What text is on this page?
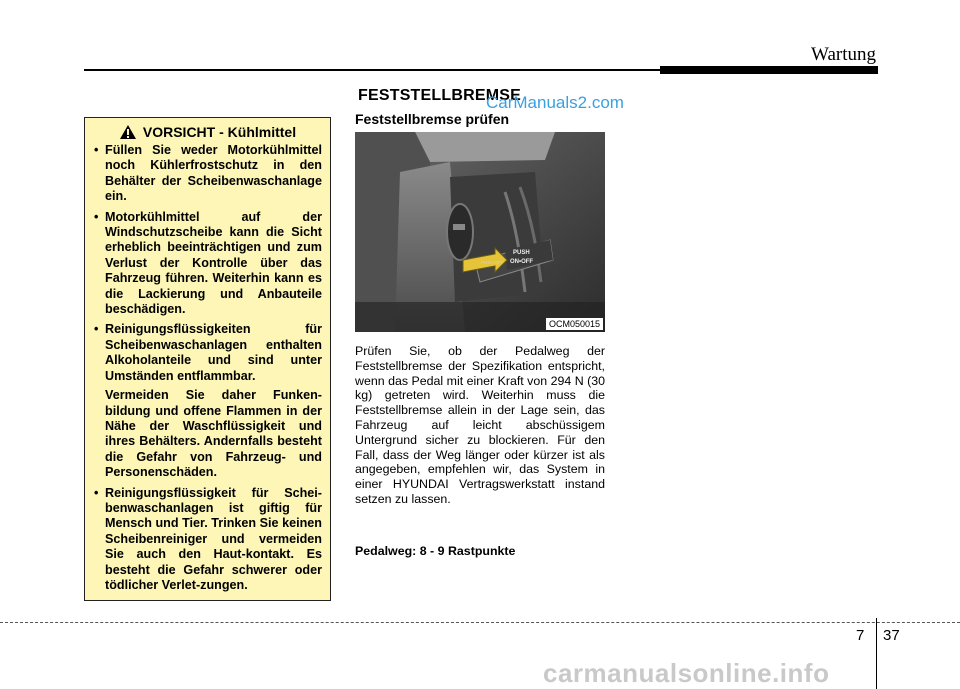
Wartung
FESTSTELLBREMSE
CarManuals2.com
VORSICHT - Kühlmittel

• Füllen Sie weder Motorkühlmittel noch Kühlerfrostschutz in den Behälter der Scheibenwaschanlage ein.

• Motorkühlmittel auf der Windschutzscheibe kann die Sicht erheblich beeinträchtigen und zum Verlust der Kontrolle über das Fahrzeug führen. Weiterhin kann es die Lackierung und Anbauteile beschädigen.

• Reinigungsflüssigkeiten für Scheibenwaschanlagen enthalten Alkoholanteile und sind unter Umständen entflammbar.

Vermeiden Sie daher Funken-bildung und offene Flammen in der Nähe der Waschflüssigkeit und ihres Behälters. Andernfalls besteht die Gefahr von Fahrzeug- und Personenschäden.

• Reinigungsflüssigkeit für Schei-benwaschanlagen ist giftig für Mensch und Tier. Trinken Sie keinen Scheibenreiniger und vermeiden Sie auch den Haut-kontakt. Es besteht die Gefahr schwerer oder tödlicher Verlet-zungen.

Feststellbremse prüfen
PUSH
ON•OFF
PUSH OFF
OCM050015

Prüfen Sie, ob der Pedalweg der Feststellbremse der Spezifikation entspricht, wenn das Pedal mit einer Kraft von 294 N (30 kg) getreten wird. Weiterhin muss die Feststellbremse allein in der Lage sein, das Fahrzeug auf leicht abschüssigem Untergrund sicher zu blockieren. Für den Fall, dass der Weg länger oder kürzer ist als angegeben, empfehlen wir, das System in einer HYUNDAI Vertragswerkstatt instand setzen zu lassen.

Pedalweg: 8 - 9 Rastpunkte

7 37
carmanualsonline.info
